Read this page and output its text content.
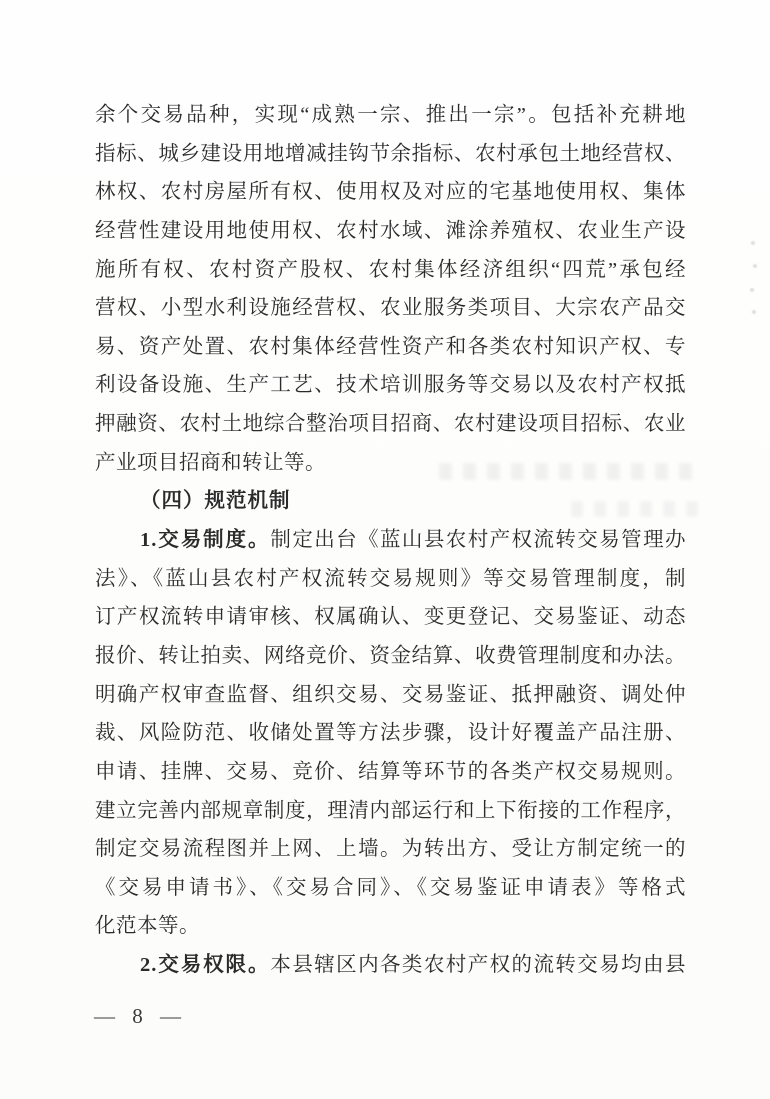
余个交易品种，实现“成熟一宗、推出一宗”。包括补充耕地
指标、城乡建设用地增减挂钩节余指标、农村承包土地经营权、
林权、农村房屋所有权、使用权及对应的宅基地使用权、集体
经营性建设用地使用权、农村水域、滩涂养殖权、农业生产设
施所有权、农村资产股权、农村集体经济组织“四荒”承包经
营权、小型水利设施经营权、农业服务类项目、大宗农产品交
易、资产处置、农村集体经营性资产和各类农村知识产权、专
利设备设施、生产工艺、技术培训服务等交易以及农村产权抵
押融资、农村土地综合整治项目招商、农村建设项目招标、农业
产业项目招商和转让等。
（四）规范机制
1.交易制度。制定出台《蓝山县农村产权流转交易管理办
法》、《蓝山县农村产权流转交易规则》等交易管理制度，制
订产权流转申请审核、权属确认、变更登记、交易鉴证、动态
报价、转让拍卖、网络竞价、资金结算、收费管理制度和办法。
明确产权审查监督、组织交易、交易鉴证、抵押融资、调处仲
裁、风险防范、收储处置等方法步骤，设计好覆盖产品注册、
申请、挂牌、交易、竞价、结算等环节的各类产权交易规则。
建立完善内部规章制度，理清内部运行和上下衔接的工作程序，
制定交易流程图并上网、上墙。为转出方、受让方制定统一的
《交易申请书》、《交易合同》、《交易鉴证申请表》等格式
化范本等。
2.交易权限。本县辖区内各类农村产权的流转交易均由县
— 8 —
